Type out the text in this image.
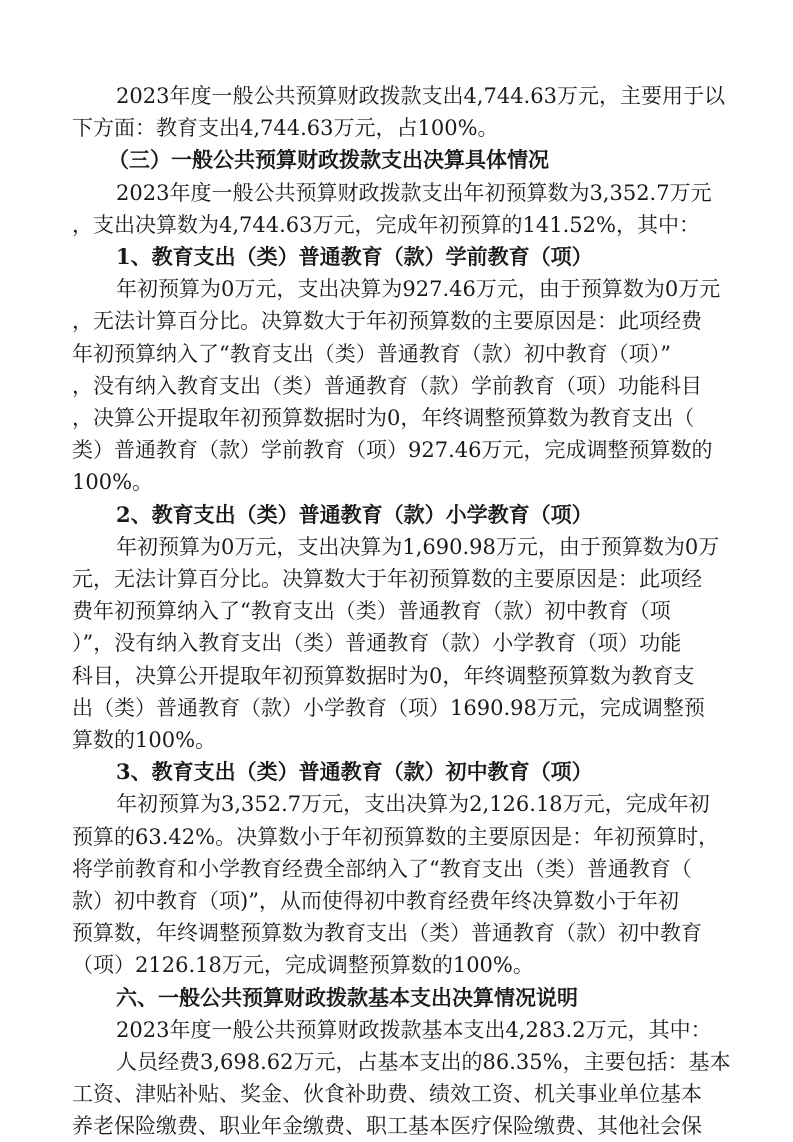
2023年度一般公共预算财政拨款支出4,744.63万元，主要用于以
下方面：教育支出4,744.63万元，占100%。
（三）一般公共预算财政拨款支出决算具体情况
2023年度一般公共预算财政拨款支出年初预算数为3,352.7万元
，支出决算数为4,744.63万元，完成年初预算的141.52%，其中：
1、教育支出（类）普通教育（款）学前教育（项）
年初预算为0万元，支出决算为927.46万元，由于预算数为0万元
，无法计算百分比。决算数大于年初预算数的主要原因是：此项经费
年初预算纳入了“教育支出（类）普通教育（款）初中教育（项）”
，没有纳入教育支出（类）普通教育（款）学前教育（项）功能科目
，决算公开提取年初预算数据时为0，年终调整预算数为教育支出（
类）普通教育（款）学前教育（项）927.46万元，完成调整预算数的
100%。
2、教育支出（类）普通教育（款）小学教育（项）
年初预算为0万元，支出决算为1,690.98万元，由于预算数为0万
元，无法计算百分比。决算数大于年初预算数的主要原因是：此项经
费年初预算纳入了“教育支出（类）普通教育（款）初中教育（项
）”，没有纳入教育支出（类）普通教育（款）小学教育（项）功能
科目，决算公开提取年初预算数据时为0，年终调整预算数为教育支
出（类）普通教育（款）小学教育（项）1690.98万元，完成调整预
算数的100%。
3、教育支出（类）普通教育（款）初中教育（项）
年初预算为3,352.7万元，支出决算为2,126.18万元，完成年初
预算的63.42%。决算数小于年初预算数的主要原因是：年初预算时，
将学前教育和小学教育经费全部纳入了“教育支出（类）普通教育（
款）初中教育（项)”，从而使得初中教育经费年终决算数小于年初
预算数，年终调整预算数为教育支出（类）普通教育（款）初中教育
（项）2126.18万元，完成调整预算数的100%。
六、一般公共预算财政拨款基本支出决算情况说明
2023年度一般公共预算财政拨款基本支出4,283.2万元，其中：
人员经费3,698.62万元，占基本支出的86.35%，主要包括：基本
工资、津贴补贴、奖金、伙食补助费、绩效工资、机关事业单位基本
养老保险缴费、职业年金缴费、职工基本医疗保险缴费、其他社会保
